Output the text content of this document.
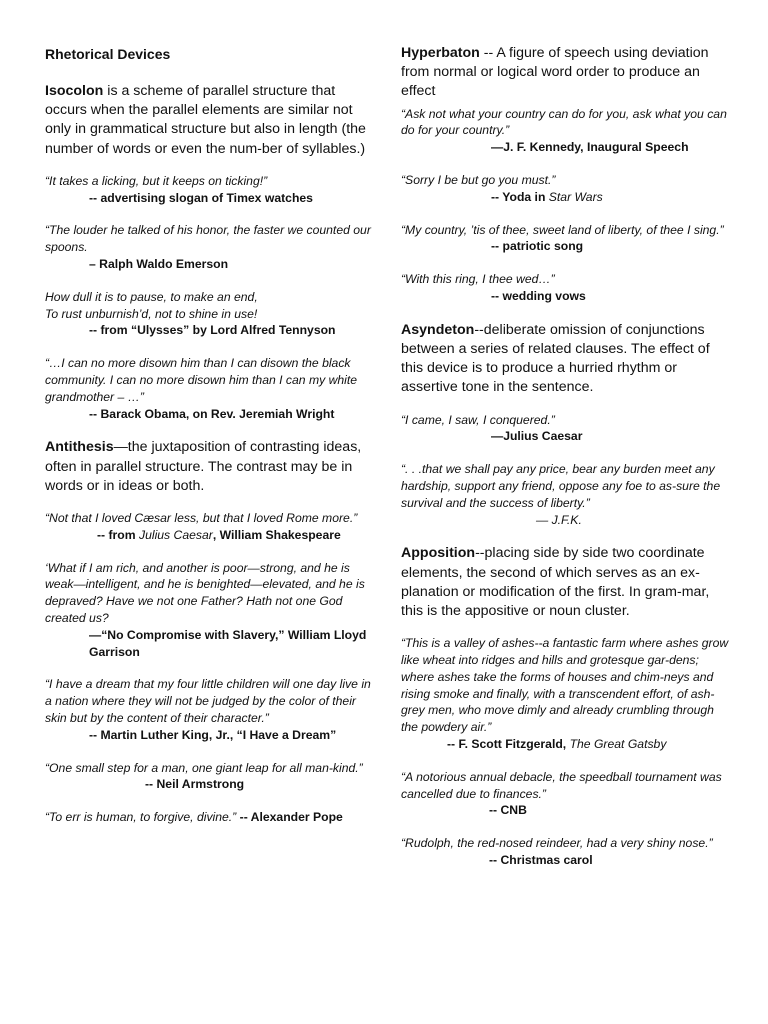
Rhetorical Devices

Isocolon is a scheme of parallel structure that occurs when the parallel elements are similar not only in grammatical structure but also in length (the number of words or even the num-ber of syllables.)

“It takes a licking, but it keeps on ticking!”

-- advertising slogan of Timex watches

“The louder he talked of his honor, the faster we counted our spoons.

– Ralph Waldo Emerson

How dull it is to pause, to make an end,

To rust unburnish’d, not to shine in use!

-- from “Ulysses” by Lord Alfred Tennyson

“…I can no more disown him than I can disown the black community. I can no more disown him than I can my white grandmother – …”

-- Barack Obama, on Rev. Jeremiah Wright

Antithesis—the juxtaposition of contrasting ideas, often in parallel structure. The contrast may be in words or in ideas or both.

“Not that I loved Cæsar less, but that I loved Rome more.”

-- from Julius Caesar, William Shakespeare

‘What if I am rich, and another is poor—strong, and he is weak—intelligent, and he is benighted—elevated, and he is depraved? Have we not one Father? Hath not one God created us?

—“No Compromise with Slavery,” William Lloyd Garrison

“I have a dream that my four little children will one day live in a nation where they will not be judged by the color of their skin but by the content of their character.”

-- Martin Luther King, Jr., “I Have a Dream”

“One small step for a man, one giant leap for all man-kind.”

-- Neil Armstrong

“To err is human, to forgive, divine.” -- Alexander Pope

Hyperbaton -- A figure of speech using deviation from normal or logical word order to produce an effect

“Ask not what your country can do for you, ask what you can do for your country.”

—J. F. Kennedy, Inaugural Speech

“Sorry I be but go you must.”

-- Yoda in Star Wars

“My country, ’tis of thee, sweet land of liberty, of thee I sing.”

-- patriotic song

“With this ring, I thee wed…”

-- wedding vows

Asyndeton--deliberate omission of conjunctions between a series of related clauses. The effect of this device is to produce a hurried rhythm or assertive tone in the sentence.

“I came, I saw, I conquered.”

—Julius Caesar

“. . .that we shall pay any price, bear any burden meet any hardship, support any friend, oppose any foe to as-sure the survival and the success of liberty.”

— J.F.K.

Apposition--placing side by side two coordinate elements, the second of which serves as an ex-planation or modification of the first. In gram-mar, this is the appositive or noun cluster.

“This is a valley of ashes--a fantastic farm where ashes grow like wheat into ridges and hills and grotesque gar-dens; where ashes take the forms of houses and chim-neys and rising smoke and finally, with a transcendent effort, of ash-grey men, who move dimly and already crumbling through the powdery air.”

-- F. Scott Fitzgerald, The Great Gatsby

“A notorious annual debacle, the speedball tournament was cancelled due to finances.”

-- CNB

“Rudolph, the red-nosed reindeer, had a very shiny nose.”

-- Christmas carol
